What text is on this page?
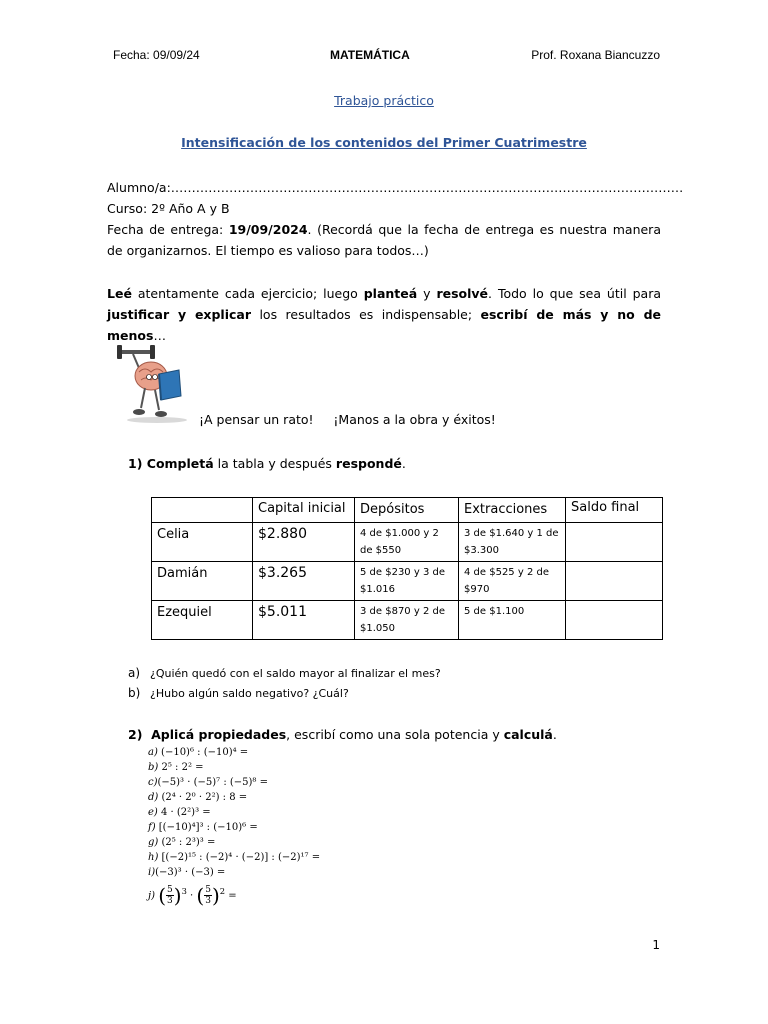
Fecha: 09/09/24	MATEMÁTICA	Prof. Roxana Biancuzzo
Trabajo práctico
Intensificación de los contenidos del Primer Cuatrimestre
Alumno/a:……………………………………………………………………………………………………………
Curso: 2º Año A y B
Fecha de entrega: 19/09/2024. (Recordá que la fecha de entrega es nuestra manera de organizarnos. El tiempo es valioso para todos…)
Leé atentamente cada ejercicio; luego planteá y resolvé. Todo lo que sea útil para justificar y explicar los resultados es indispensable; escribí de más y no de menos…
¡A pensar un rato!     ¡Manos a la obra y éxitos!
1) Completá la tabla y después respondé.
	Capital inicial	Depósitos	Extracciones	Saldo final
Celia	$2.880	4 de $1.000 y 2 de $550	3 de $1.640 y 1 de $3.300	
Damián	$3.265	5 de $230 y 3 de $1.016	4 de $525 y 2 de $970	
Ezequiel	$5.011	3 de $870 y 2 de $1.050	5 de $1.100	
a) ¿Quién quedó con el saldo mayor al finalizar el mes?
b) ¿Hubo algún saldo negativo? ¿Cuál?
2)  Aplicá propiedades, escribí como una sola potencia y calculá.
a) (−10)⁶ : (−10)⁴ =
b) 2⁵ : 2² =
c)(−5)³ · (−5)⁷ : (−5)⁸ =
d) (2⁴ · 2⁰ · 2²) : 8 =
e) 4 · (2²)³ =
f) [(−10)⁴]³ : (−10)⁶ =
g) (2⁵ : 2³)³ =
h) [(−2)¹⁵ : (−2)⁴ · (−2)] : (−2)¹⁷ =
i)(−3)³ · (−3) =
j) ( $\frac{5}{3} )^3$ · ( $\frac{5}{3} )^2$ =
1
